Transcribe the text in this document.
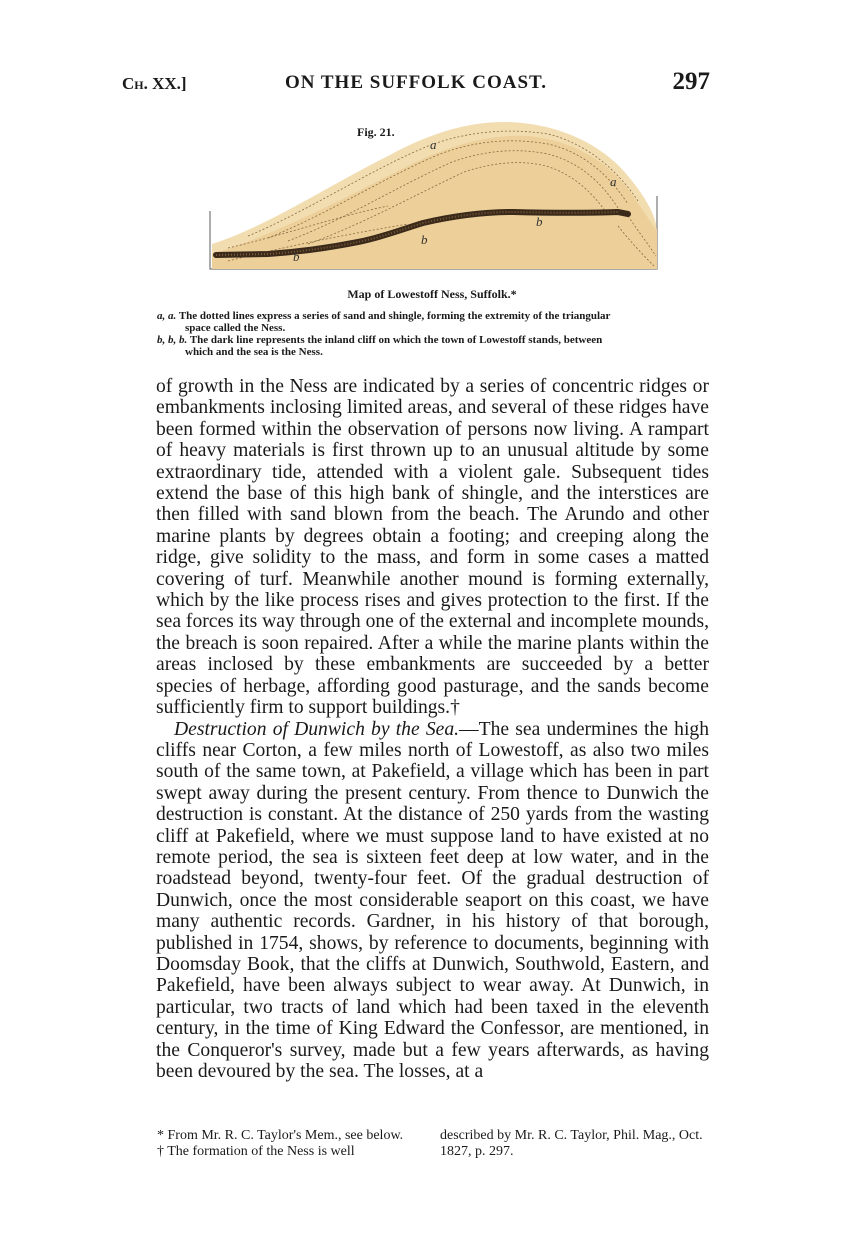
Ch. XX.]	ON THE SUFFOLK COAST.	297
Fig. 21.
a
a
b
b
b
Map of Lowestoff Ness, Suffolk.*
a, a. The dotted lines express a series of sand and shingle, forming the extremity of the triangular
space called the Ness.
b, b, b. The dark line represents the inland cliff on which the town of Lowestoff stands, between
which and the sea is the Ness.

of growth in the Ness are indicated by a series of concentric ridges or embankments inclosing limited areas, and several of these ridges have been formed within the observation of persons now living. A rampart of heavy materials is first thrown up to an unusual altitude by some extraordinary tide, attended with a violent gale. Subsequent tides extend the base of this high bank of shingle, and the interstices are then filled with sand blown from the beach. The Arundo and other marine plants by degrees obtain a footing; and creeping along the ridge, give solidity to the mass, and form in some cases a matted covering of turf. Meanwhile another mound is forming externally, which by the like process rises and gives protection to the first. If the sea forces its way through one of the external and incomplete mounds, the breach is soon repaired. After a while the marine plants within the areas inclosed by these embankments are succeeded by a better species of herbage, affording good pasturage, and the sands become sufficiently firm to support buildings.†

Destruction of Dunwich by the Sea.—The sea undermines the high cliffs near Corton, a few miles north of Lowestoff, as also two miles south of the same town, at Pakefield, a village which has been in part swept away during the present century. From thence to Dunwich the destruction is constant. At the distance of 250 yards from the wasting cliff at Pakefield, where we must suppose land to have existed at no remote period, the sea is sixteen feet deep at low water, and in the roadstead beyond, twenty-four feet. Of the gradual destruction of Dunwich, once the most considerable seaport on this coast, we have many authentic records. Gardner, in his history of that borough, published in 1754, shows, by reference to documents, beginning with Doomsday Book, that the cliffs at Dunwich, Southwold, Eastern, and Pakefield, have been always subject to wear away. At Dunwich, in particular, two tracts of land which had been taxed in the eleventh century, in the time of King Edward the Confessor, are mentioned, in the Conqueror's survey, made but a few years afterwards, as having been devoured by the sea. The losses, at a

* From Mr. R. C. Taylor's Mem., see below.
† The formation of the Ness is well
described by Mr. R. C. Taylor, Phil. Mag., Oct. 1827, p. 297.
